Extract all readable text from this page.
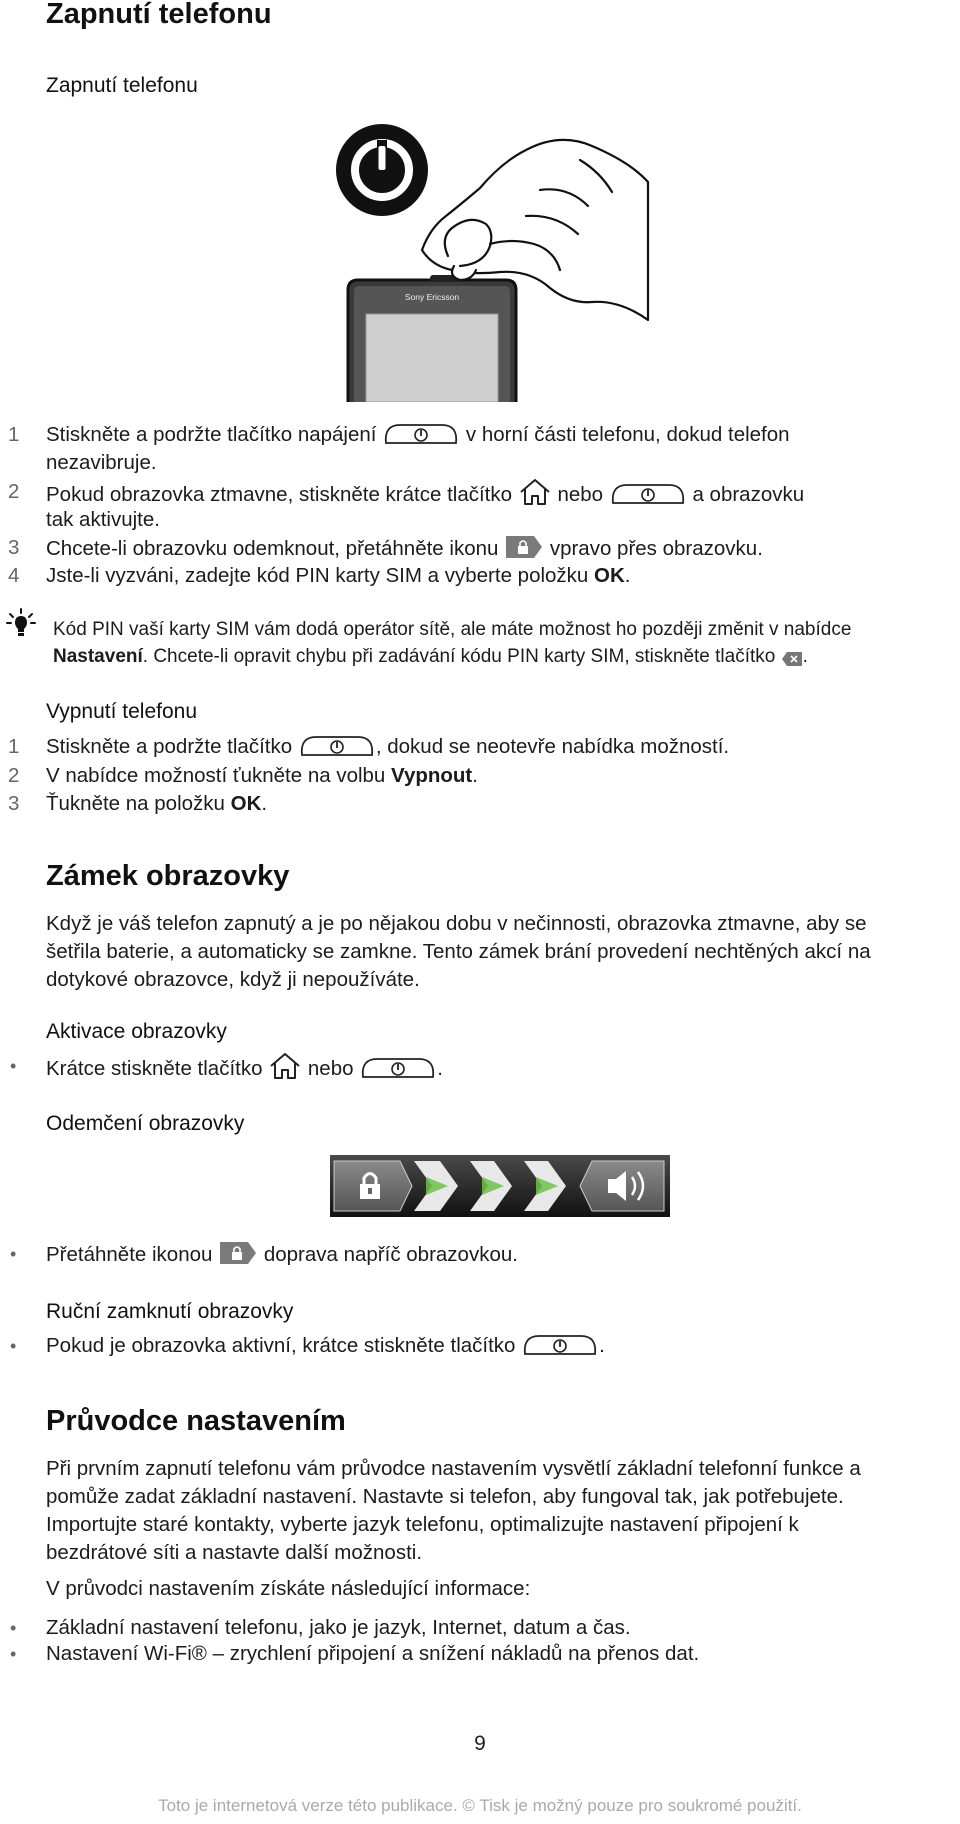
Zapnutí telefonu
Zapnutí telefonu
Sony Ericsson
1 Stiskněte a podržte tlačítko napájení	v horní části telefonu, dokud telefon
nezavibruje.
2 Pokud obrazovka ztmavne, stiskněte krátce tlačítko nebo	a obrazovku
tak aktivujte.
3 Chcete-li obrazovku odemknout, přetáhněte ikonu	vpravo přes obrazovku.
4 Jste-li vyzváni, zadejte kód PIN karty SIM a vyberte položku OK.
Kód PIN vaší karty SIM vám dodá operátor sítě, ale máte možnost ho později změnit v nabídce
Nastavení. Chcete-li opravit chybu při zadávání kódu PIN karty SIM, stiskněte tlačítko .
Vypnutí telefonu
1 Stiskněte a podržte tlačítko	, dokud se neotevře nabídka možností.
2 V nabídce možností ťukněte na volbu Vypnout.
3 Ťukněte na položku OK.
Zámek obrazovky
Když je váš telefon zapnutý a je po nějakou dobu v nečinnosti, obrazovka ztmavne, aby se
šetřila baterie, a automaticky se zamkne. Tento zámek brání provedení nechtěných akcí na
dotykové obrazovce, když ji nepoužíváte.
Aktivace obrazovky
• Krátce stiskněte tlačítko nebo	.
Odemčení obrazovky
• Přetáhněte ikonou	doprava napříč obrazovkou.
Ruční zamknutí obrazovky
• Pokud je obrazovka aktivní, krátce stiskněte tlačítko	.
Průvodce nastavením
Při prvním zapnutí telefonu vám průvodce nastavením vysvětlí základní telefonní funkce a
pomůže zadat základní nastavení. Nastavte si telefon, aby fungoval tak, jak potřebujete.
Importujte staré kontakty, vyberte jazyk telefonu, optimalizujte nastavení připojení k
bezdrátové síti a nastavte další možnosti.
V průvodci nastavením získáte následující informace:
• Základní nastavení telefonu, jako je jazyk, Internet, datum a čas.
• Nastavení Wi-Fi® – zrychlení připojení a snížení nákladů na přenos dat.
9
Toto je internetová verze této publikace. © Tisk je možný pouze pro soukromé použití.
